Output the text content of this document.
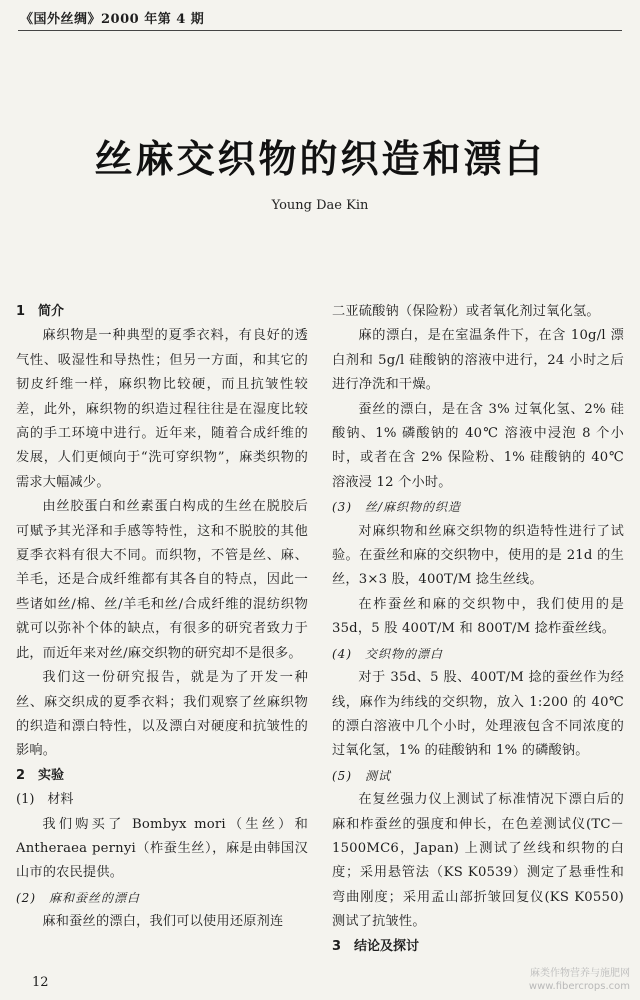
《国外丝绸》2000 年第 4 期
丝麻交织物的织造和漂白
Young Dae Kin
1　简介

麻织物是一种典型的夏季衣料，有良好的透气性、吸湿性和导热性；但另一方面，和其它的韧皮纤维一样，麻织物比较硬，而且抗皱性较差，此外，麻织物的织造过程往往是在湿度比较高的手工环境中进行。近年来，随着合成纤维的发展，人们更倾向于“洗可穿织物”，麻类织物的需求大幅减少。

由丝胶蛋白和丝素蛋白构成的生丝在脱胶后可赋予其光泽和手感等特性，这和不脱胶的其他夏季衣料有很大不同。而织物，不管是丝、麻、羊毛，还是合成纤维都有其各自的特点，因此一些诸如丝/棉、丝/羊毛和丝/合成纤维的混纺织物就可以弥补个体的缺点，有很多的研究者致力于此，而近年来对丝/麻交织物的研究却不是很多。

我们这一份研究报告，就是为了开发一种丝、麻交织成的夏季衣料；我们观察了丝麻织物的织造和漂白特性，以及漂白对硬度和抗皱性的影响。

2　实验
(1)　材料

我们购买了 Bombyx mori（生丝）和 Antheraea pernyi（柞蚕生丝），麻是由韩国汉山市的农民提供。

(2)　麻和蚕丝的漂白

麻和蚕丝的漂白，我们可以使用还原剂连

二亚硫酸钠（保险粉）或者氧化剂过氧化氢。

麻的漂白，是在室温条件下，在含 10g/l 漂白剂和 5g/l 硅酸钠的溶液中进行，24 小时之后进行净洗和干燥。

蚕丝的漂白，是在含 3% 过氧化氢、2% 硅酸钠、1% 磷酸钠的 40℃ 溶液中浸泡 8 个小时，或者在含 2% 保险粉、1% 硅酸钠的 40℃ 溶液浸 12 个小时。

(3)　丝/麻织物的织造

对麻织物和丝麻交织物的织造特性进行了试验。在蚕丝和麻的交织物中，使用的是 21d 的生丝，3×3 股，400T/M 捻生丝线。

在柞蚕丝和麻的交织物中，我们使用的是 35d，5 股 400T/M 和 800T/M 捻柞蚕丝线。

(4)　交织物的漂白

对于 35d、5 股、400T/M 捻的蚕丝作为经线，麻作为纬线的交织物，放入 1:200 的 40℃ 的漂白溶液中几个小时，处理液包含不同浓度的过氧化氢，1% 的硅酸钠和 1% 的磷酸钠。

(5)　测试

在复丝强力仪上测试了标准情况下漂白后的麻和柞蚕丝的强度和伸长，在色差测试仪(TC－1500MC6，Japan) 上测试了丝线和织物的白度；采用悬管法（KS K0539）测定了悬垂性和弯曲刚度；采用孟山部折皱回复仪(KS K0550) 测试了抗皱性。

3　结论及探讨
12
麻类作物营养与施肥网
www.fibercrops.com
